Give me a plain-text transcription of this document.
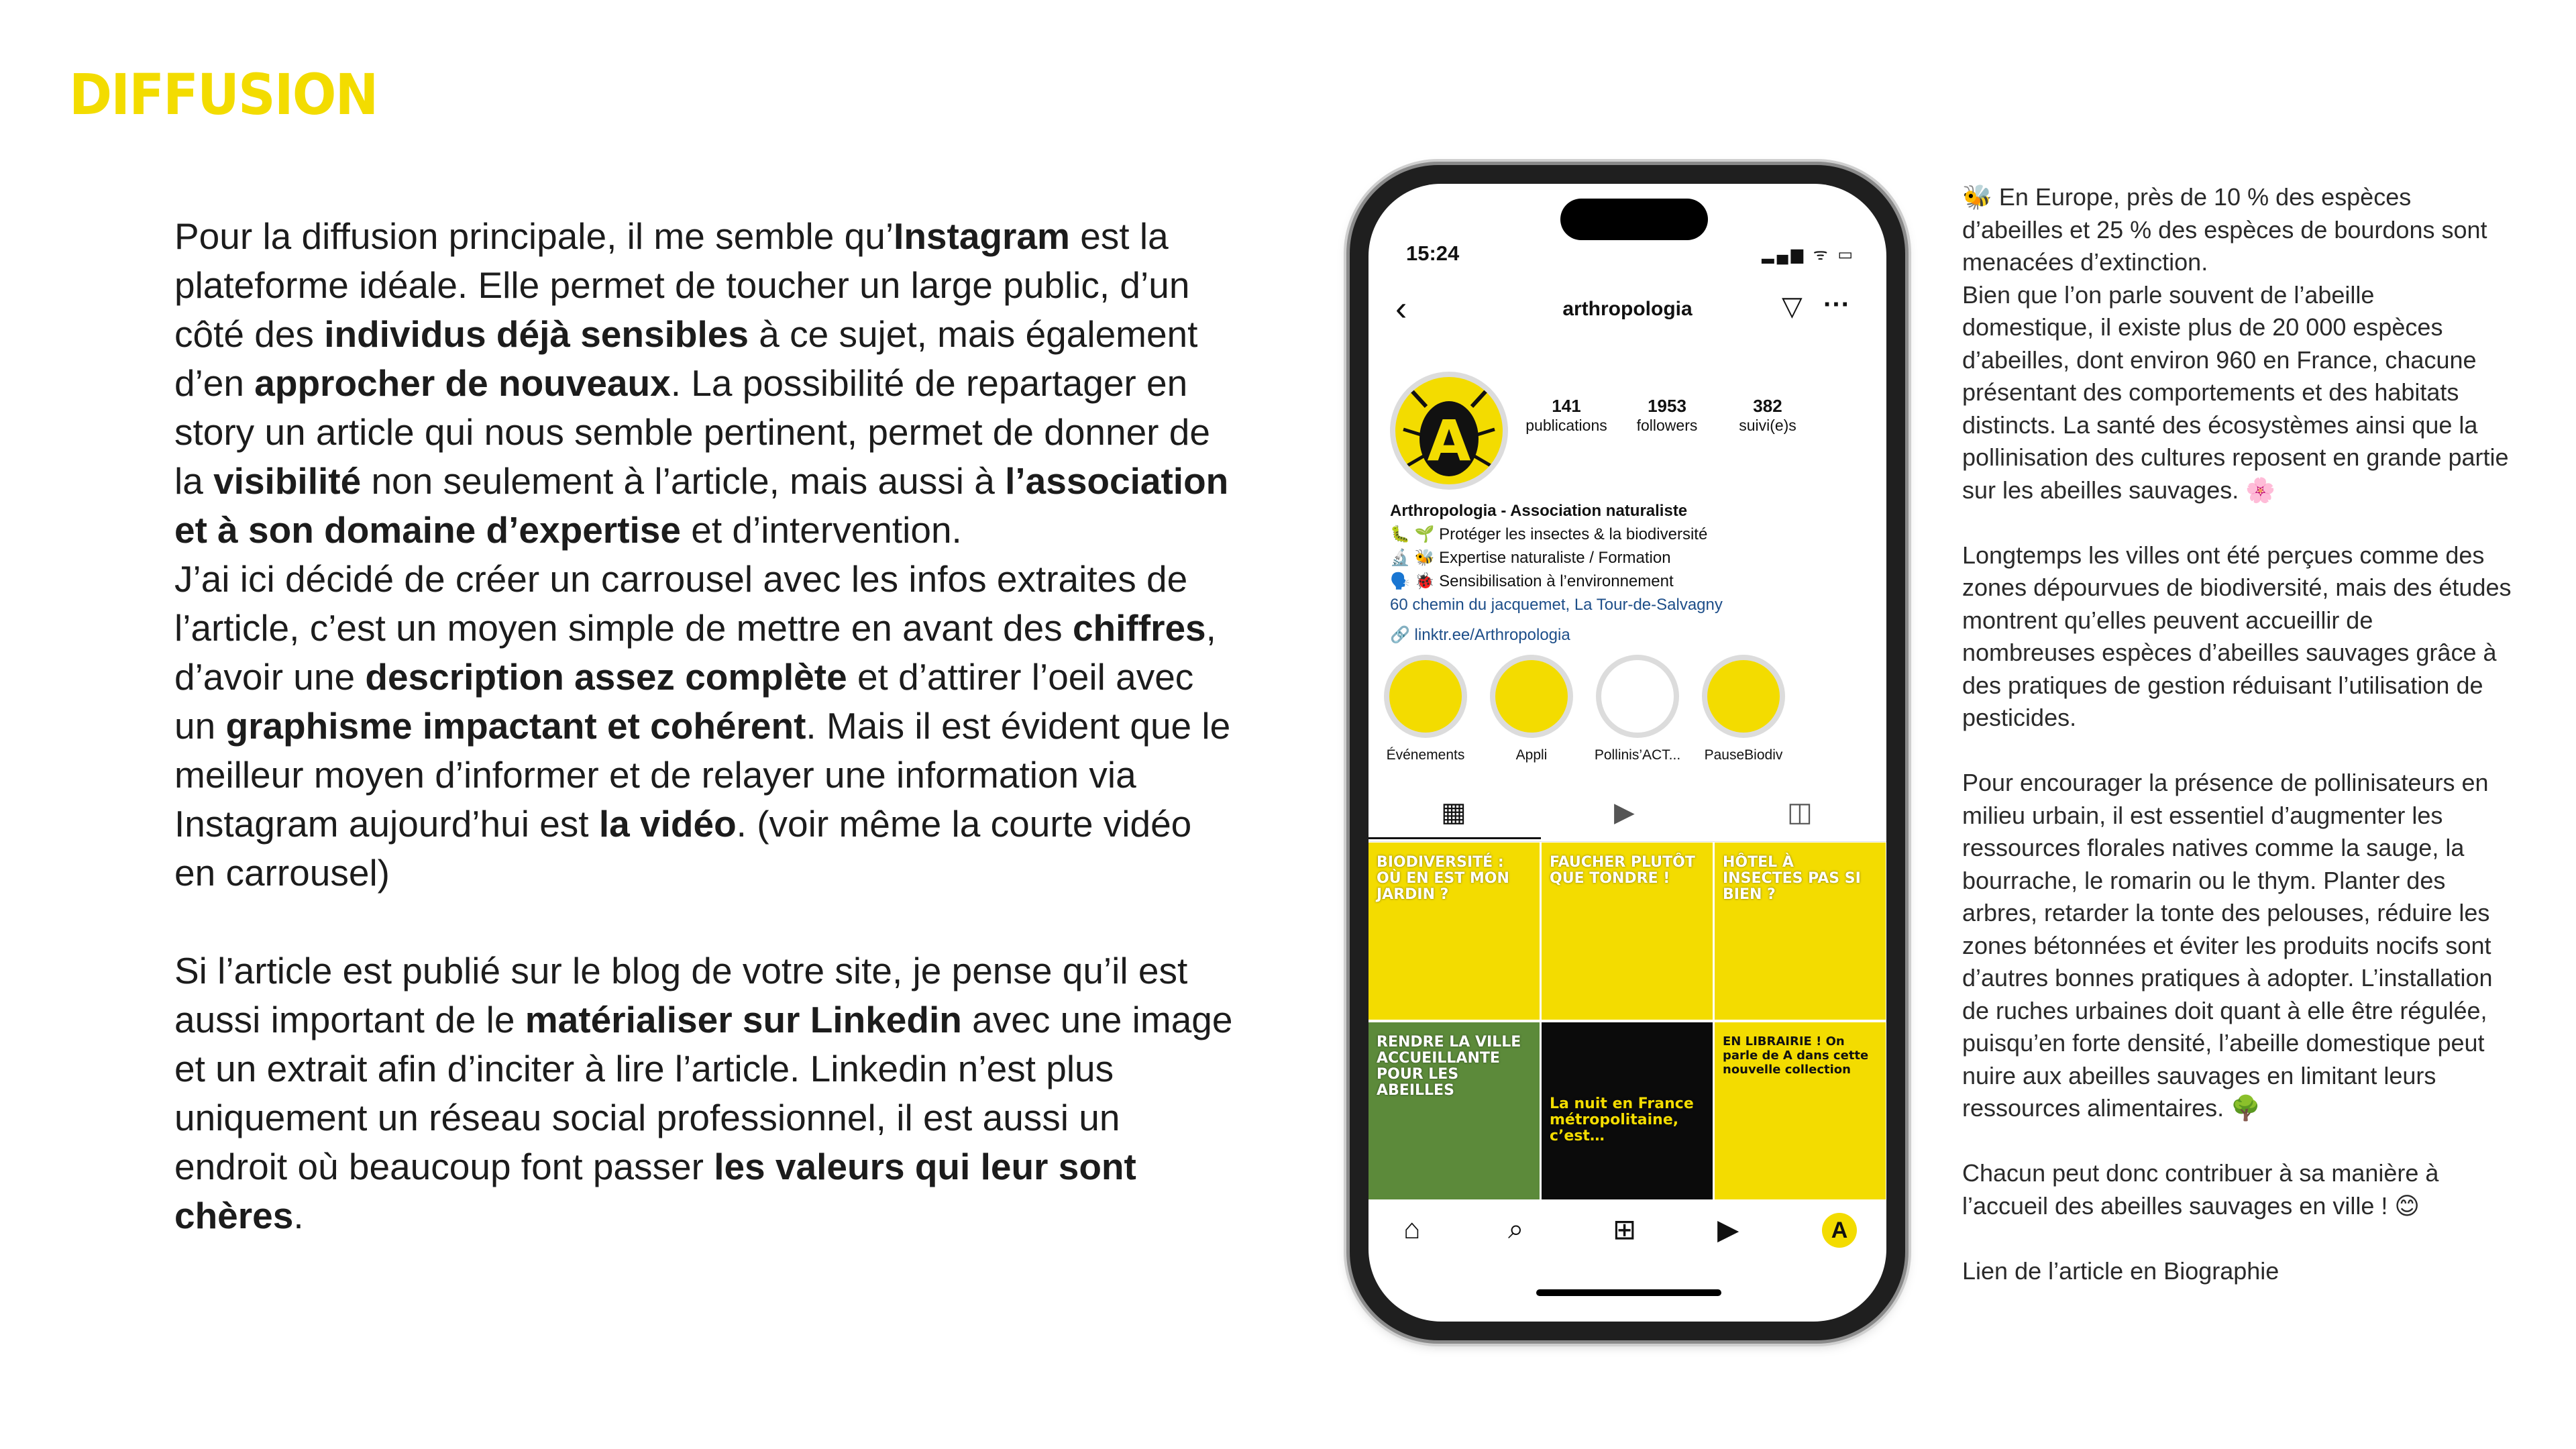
DIFFUSION

Pour la diffusion principale, il me semble qu’Instagram est la plateforme idéale. Elle permet de toucher un large public, d’un côté des individus déjà sensibles à ce sujet, mais également d’en approcher de nouveaux. La possibilité de repartager en story un article qui nous semble pertinent, permet de donner de la visibilité non seulement à l’article, mais aussi à l’association et à son domaine d’expertise et d’intervention.

J’ai ici décidé de créer un carrousel avec les infos extraites de l’article, c’est un moyen simple de mettre en avant des chiffres, d’avoir une description assez complète et d’attirer l’oeil avec un graphisme impactant et cohérent. Mais il est évident que le meilleur moyen d’informer et de relayer une information via Instagram aujourd’hui est la vidéo. (voir même la courte vidéo en carrousel)

Si l’article est publié sur le blog de votre site, je pense qu’il est aussi important de le matérialiser sur Linkedin avec une image et un extrait afin d’inciter à lire l’article. Linkedin n’est plus uniquement un réseau social professionnel, il est aussi un endroit où beaucoup font passer les valeurs qui leur sont chères.

15:24	▂▄▆ ᯤ ▭
‹	arthropologia	▽ ···
A
141
publications
1953
followers
382
suivi(e)s
Arthropologia - Association naturaliste
🐛 🌱 Protéger les insectes & la biodiversité
🔬 🐝 Expertise naturaliste / Formation
🗣️ 🐞 Sensibilisation à l’environnement
60 chemin du jacquemet, La Tour-de-Salvagny
🔗 linktr.ee/Arthropologia
Événements	Appli	Pollinis’ACT...	PauseBiodiv
▦	▶	◫
BIODIVERSITÉ : OÙ EN EST MON JARDIN ?
FAUCHER PLUTÔT QUE TONDRE !
HÔTEL À INSECTES PAS SI BIEN ?
RENDRE LA VILLE ACCUEILLANTE POUR LES ABEILLES
La nuit en France métropolitaine, c’est…
EN LIBRAIRIE ! On parle de A dans cette nouvelle collection
⌂	⌕	⊞	▶	A

🐝 En Europe, près de 10 % des espèces d’abeilles et 25 % des espèces de bourdons sont menacées d’extinction.

Bien que l’on parle souvent de l’abeille domestique, il existe plus de 20 000 espèces d’abeilles, dont environ 960 en France, chacune présentant des comportements et des habitats distincts. La santé des écosystèmes ainsi que la pollinisation des cultures reposent en grande partie sur les abeilles sauvages. 🌸

Longtemps les villes ont été perçues comme des zones dépourvues de biodiversité, mais des études montrent qu’elles peuvent accueillir de nombreuses espèces d’abeilles sauvages grâce à des pratiques de gestion réduisant l’utilisation de pesticides.

Pour encourager la présence de pollinisateurs en milieu urbain, il est essentiel d’augmenter les ressources florales natives comme la sauge, la bourrache, le romarin ou le thym. Planter des arbres, retarder la tonte des pelouses, réduire les zones bétonnées et éviter les produits nocifs sont d’autres bonnes pratiques à adopter. L’installation de ruches urbaines doit quant à elle être régulée, puisqu’en forte densité, l’abeille domestique peut nuire aux abeilles sauvages en limitant leurs ressources alimentaires. 🌳

Chacun peut donc contribuer à sa manière à l’accueil des abeilles sauvages en ville ! 😊

Lien de l’article en Biographie
